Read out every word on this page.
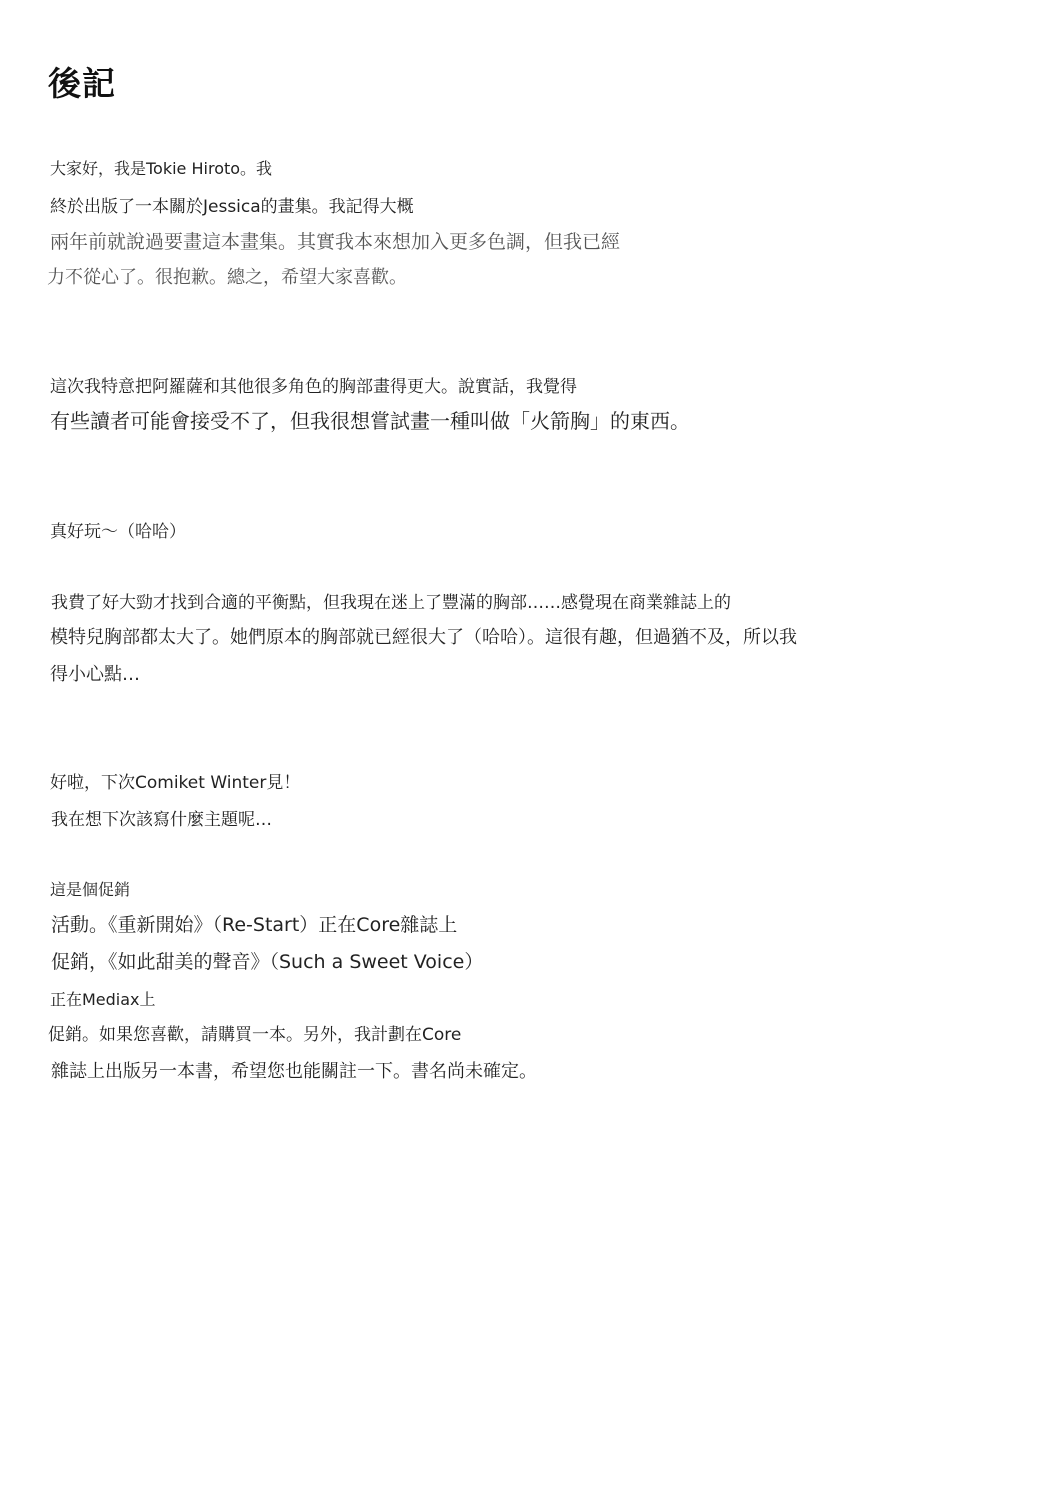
後記
大家好，我是Tokie Hiroto。我
終於出版了一本關於Jessica的畫集。我記得大概
兩年前就說過要畫這本畫集。其實我本來想加入更多色調，但我已經
力不從心了。很抱歉。總之，希望大家喜歡。
這次我特意把阿羅薩和其他很多角色的胸部畫得更大。說實話，我覺得
有些讀者可能會接受不了，但我很想嘗試畫一種叫做「火箭胸」的東西。
真好玩～（哈哈）
我費了好大勁才找到合適的平衡點，但我現在迷上了豐滿的胸部……感覺現在商業雜誌上的
模特兒胸部都太大了。她們原本的胸部就已經很大了（哈哈）。這很有趣，但過猶不及，所以我
得小心點…
好啦，下次Comiket Winter見！
我在想下次該寫什麼主題呢…
這是個促銷
活動。《重新開始》（Re-Start）正在Core雜誌上
促銷，《如此甜美的聲音》（Such a Sweet Voice）
正在Mediax上
促銷。如果您喜歡，請購買一本。另外，我計劃在Core
雜誌上出版另一本書，希望您也能關註一下。書名尚未確定。
